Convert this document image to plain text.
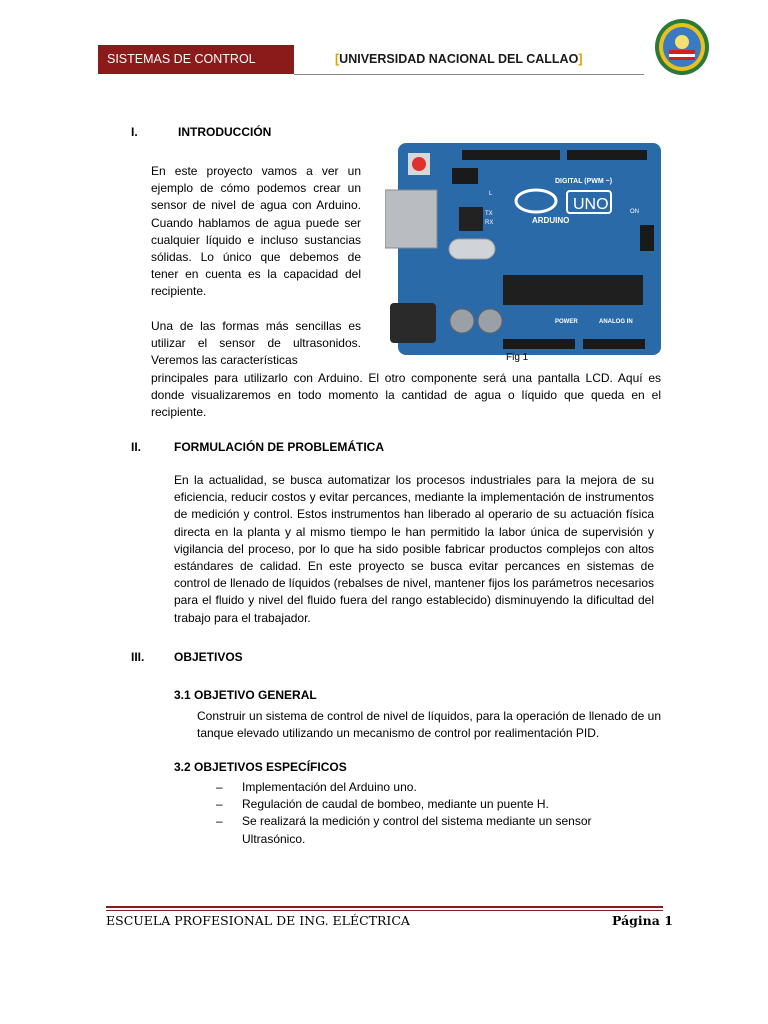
SISTEMAS DE CONTROL	[UNIVERSIDAD NACIONAL DEL CALLAO]
I.	INTRODUCCIÓN
En este proyecto vamos a ver un ejemplo de cómo podemos crear un sensor de nivel de agua con Arduino. Cuando hablamos de agua puede ser cualquier líquido e incluso sustancias sólidas. Lo único que debemos de tener en cuenta es la capacidad del recipiente.
Una de las formas más sencillas es utilizar el sensor de ultrasonidos. Veremos las características
principales para utilizarlo con Arduino. El otro componente será una pantalla LCD. Aquí es donde visualizaremos en todo momento la cantidad de agua o líquido que queda en el recipiente.
ARDUINO
UNO
DIGITAL (PWM ~)
POWER	ANALOG IN
L
TX
RX
ON
Fig 1
II.	FORMULACIÓN DE PROBLEMÁTICA
En la actualidad, se busca automatizar los procesos industriales para la mejora de su eficiencia, reducir costos y evitar percances, mediante la implementación de instrumentos de medición y control. Estos instrumentos han liberado al operario de su actuación física directa en la planta y al mismo tiempo le han permitido la labor única de supervisión y vigilancia del proceso, por lo que ha sido posible fabricar productos complejos con altos estándares de calidad. En este proyecto se busca evitar percances en sistemas de control de llenado de líquidos (rebalses de nivel, mantener fijos los parámetros necesarios para el fluido y nivel del fluido fuera del rango establecido) disminuyendo la dificultad del trabajo para el trabajador.
III. OBJETIVOS
3.1 OBJETIVO GENERAL
Construir un sistema de control de nivel de líquidos, para la operación de llenado de un tanque elevado utilizando un mecanismo de control por realimentación PID.
3.2 OBJETIVOS ESPECÍFICOS
–	Implementación del Arduino uno.
–	Regulación de caudal de bombeo, mediante un puente H.
–	Se realizará la medición y control del sistema mediante un sensor Ultrasónico.
ESCUELA PROFESIONAL DE ING. ELÉCTRICA	Página 1
